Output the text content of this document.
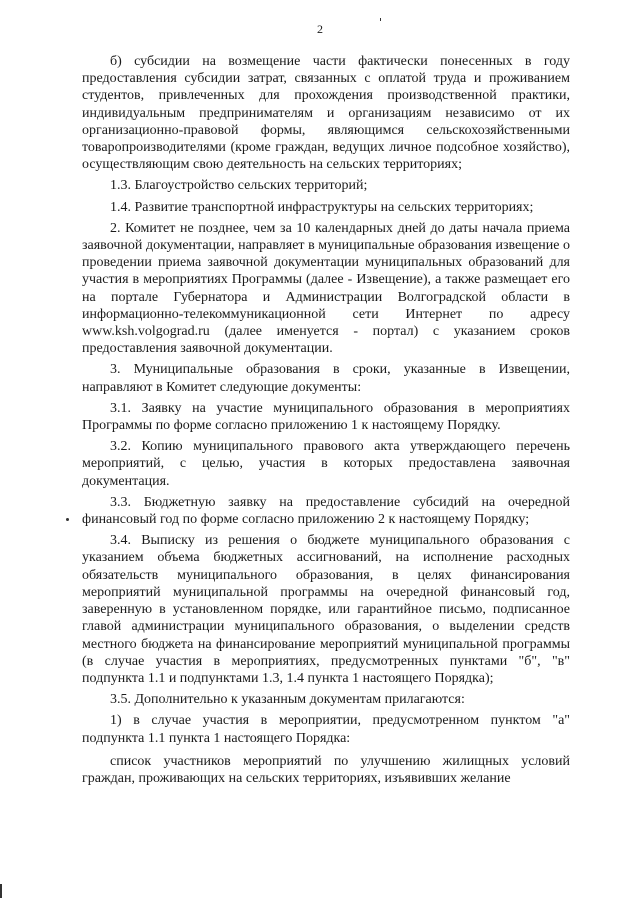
2

б) субсидии на возмещение части фактически понесенных в году предоставления субсидии затрат, связанных с оплатой труда и проживанием студентов, привлеченных для прохождения производственной практики, индивидуальным предпринимателям и организациям независимо от их организационно-правовой формы, являющимся сельскохозяйственными товаропроизводителями (кроме граждан, ведущих личное подсобное хозяйство), осуществляющим свою деятельность на сельских территориях;

1.3. Благоустройство сельских территорий;

1.4. Развитие транспортной инфраструктуры на сельских территориях;

2. Комитет не позднее, чем за 10 календарных дней до даты начала приема заявочной документации, направляет в муниципальные образования извещение о проведении приема заявочной документации муниципальных образований для участия в мероприятиях Программы (далее - Извещение), а также размещает его на портале Губернатора и Администрации Волгоградской области в информационно-телекоммуникационной сети Интернет по адресу www.ksh.volgograd.ru (далее именуется - портал) с указанием сроков предоставления заявочной документации.

3. Муниципальные образования в сроки, указанные в Извещении, направляют в Комитет следующие документы:

3.1. Заявку на участие муниципального образования в мероприятиях Программы по форме согласно приложению 1 к настоящему Порядку.

3.2. Копию муниципального правового акта утверждающего перечень мероприятий, с целью, участия в которых предоставлена заявочная документация.

3.3. Бюджетную заявку на предоставление субсидий на очередной финансовый год по форме согласно приложению 2 к настоящему Порядку;

3.4. Выписку из решения о бюджете муниципального образования с указанием объема бюджетных ассигнований, на исполнение расходных обязательств муниципального образования, в целях финансирования мероприятий муниципальной программы на очередной финансовый год, заверенную в установленном порядке, или гарантийное письмо, подписанное главой администрации муниципального образования, о выделении средств местного бюджета на финансирование мероприятий муниципальной программы (в случае участия в мероприятиях, предусмотренных пунктами "б", "в" подпункта 1.1 и подпунктами 1.3, 1.4 пункта 1 настоящего Порядка);

3.5. Дополнительно к указанным документам прилагаются:

1) в случае участия в мероприятии, предусмотренном пунктом "а" подпункта 1.1 пункта 1 настоящего Порядка:

список участников мероприятий по улучшению жилищных условий граждан, проживающих на сельских территориях, изъявивших желание
